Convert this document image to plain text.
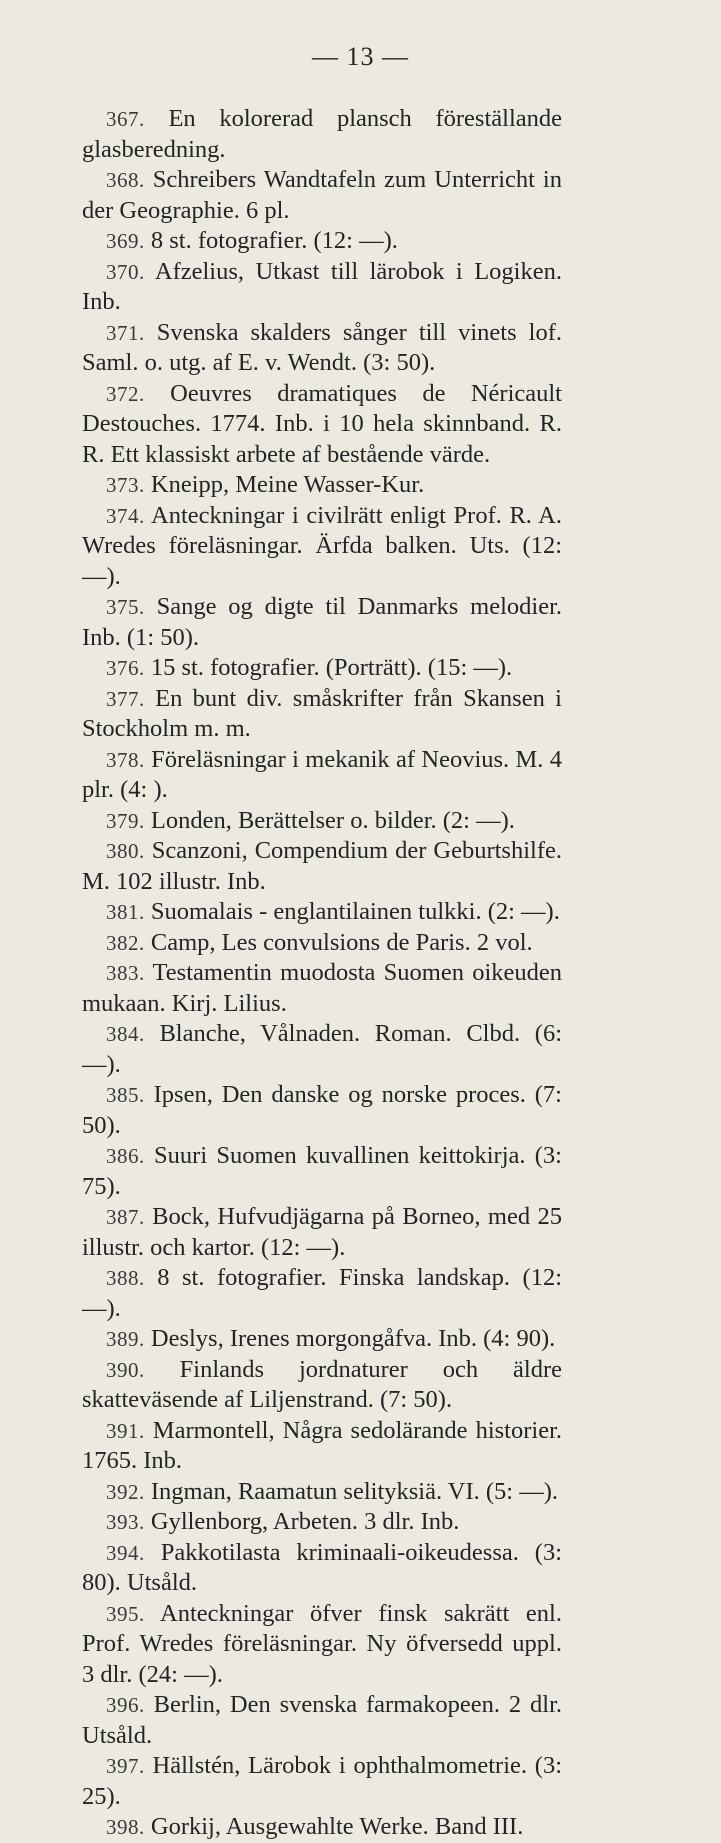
— 13 —

367. En kolorerad plansch föreställande glasberedning.

368. Schreibers Wandtafeln zum Unterricht in der Geographie. 6 pl.

369. 8 st. fotografier. (12: —).

370. Afzelius, Utkast till lärobok i Logiken. Inb.

371. Svenska skalders sånger till vinets lof. Saml. o. utg. af E. v. Wendt. (3: 50).

372. Oeuvres dramatiques de Néricault Destouches. 1774. Inb. i 10 hela skinnband. R. R. Ett klassiskt arbete af bestående värde.

373. Kneipp, Meine Wasser-Kur.

374. Anteckningar i civilrätt enligt Prof. R. A. Wredes föreläsningar. Ärfda balken. Uts. (12: —).

375. Sange og digte til Danmarks melodier. Inb. (1: 50).

376. 15 st. fotografier. (Porträtt). (15: —).

377. En bunt div. småskrifter från Skansen i Stockholm m. m.

378. Föreläsningar i mekanik af Neovius. M. 4 plr. (4: ).

379. Londen, Berättelser o. bilder. (2: —).

380. Scanzoni, Compendium der Geburtshilfe. M. 102 illustr. Inb.

381. Suomalais - englantilainen tulkki. (2: —).

382. Camp, Les convulsions de Paris. 2 vol.

383. Testamentin muodosta Suomen oikeuden mukaan. Kirj. Lilius.

384. Blanche, Vålnaden. Roman. Clbd. (6: —).

385. Ipsen, Den danske og norske proces. (7: 50).

386. Suuri Suomen kuvallinen keittokirja. (3: 75).

387. Bock, Hufvudjägarna på Borneo, med 25 illustr. och kartor. (12: —).

388. 8 st. fotografier. Finska landskap. (12: —).

389. Deslys, Irenes morgongåfva. Inb. (4: 90).

390. Finlands jordnaturer och äldre skatteväsende af Liljenstrand. (7: 50).

391. Marmontell, Några sedolärande historier. 1765. Inb.

392. Ingman, Raamatun selityksiä. VI. (5: —).

393. Gyllenborg, Arbeten. 3 dlr. Inb.

394. Pakkotilasta kriminaali-oikeudessa. (3: 80). Utsåld.

395. Anteckningar öfver finsk sakrätt enl. Prof. Wredes föreläsningar. Ny öfversedd uppl. 3 dlr. (24: —).

396. Berlin, Den svenska farmakopeen. 2 dlr. Utsåld.

397. Hällstén, Lärobok i ophthalmometrie. (3: 25).

398. Gorkij, Ausgewahlte Werke. Band III.
